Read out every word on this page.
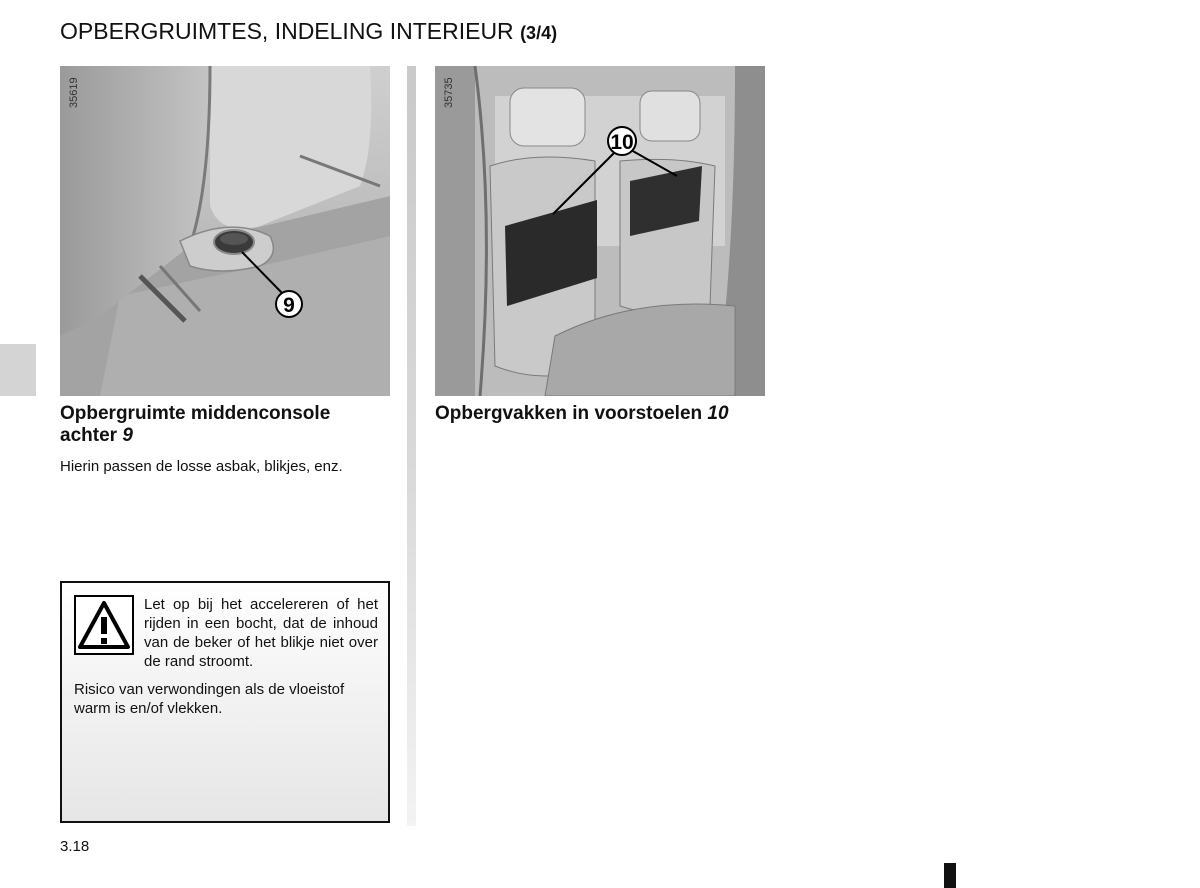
OPBERGRUIMTES, INDELING INTERIEUR (3/4)
9
35619
10
35735
Opbergruimte middenconsole achter 9
Hierin passen de losse asbak, blikjes, enz.
Opbergvakken in voorstoelen 10
Let op bij het accelereren of het rijden in een bocht, dat de inhoud van de beker of het blikje niet over de rand stroomt.
Risico van verwondingen als de vloeistof warm is en/of vlekken.
3.18
